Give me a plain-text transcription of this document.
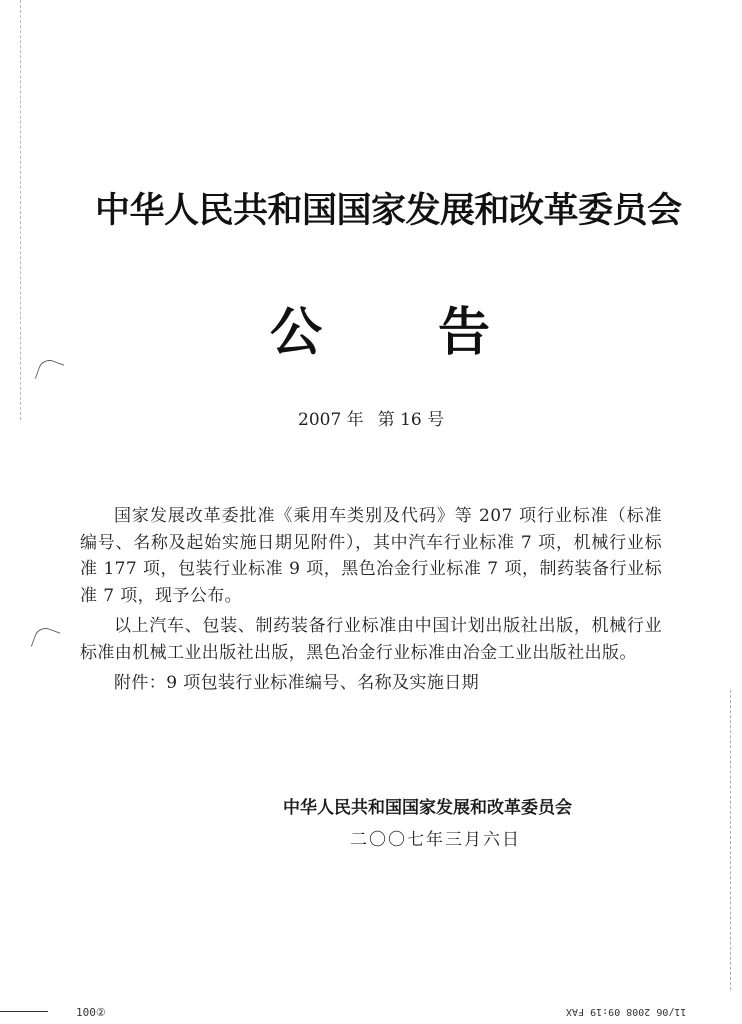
中华人民共和国国家发展和改革委员会
公 告
2007 年 第 16 号

国家发展改革委批准《乘用车类别及代码》等 207 项行业标准（标准编号、名称及起始实施日期见附件），其中汽车行业标准 7 项，机械行业标准 177 项，包装行业标准 9 项，黑色冶金行业标准 7 项，制药装备行业标准 7 项，现予公布。

以上汽车、包装、制药装备行业标准由中国计划出版社出版，机械行业标准由机械工业出版社出版，黑色冶金行业标准由冶金工业出版社出版。

附件：9 项包装行业标准编号、名称及实施日期

中华人民共和国国家发展和改革委员会
二〇〇七年三月六日
100②	11/06 2008 09:19 FAX
